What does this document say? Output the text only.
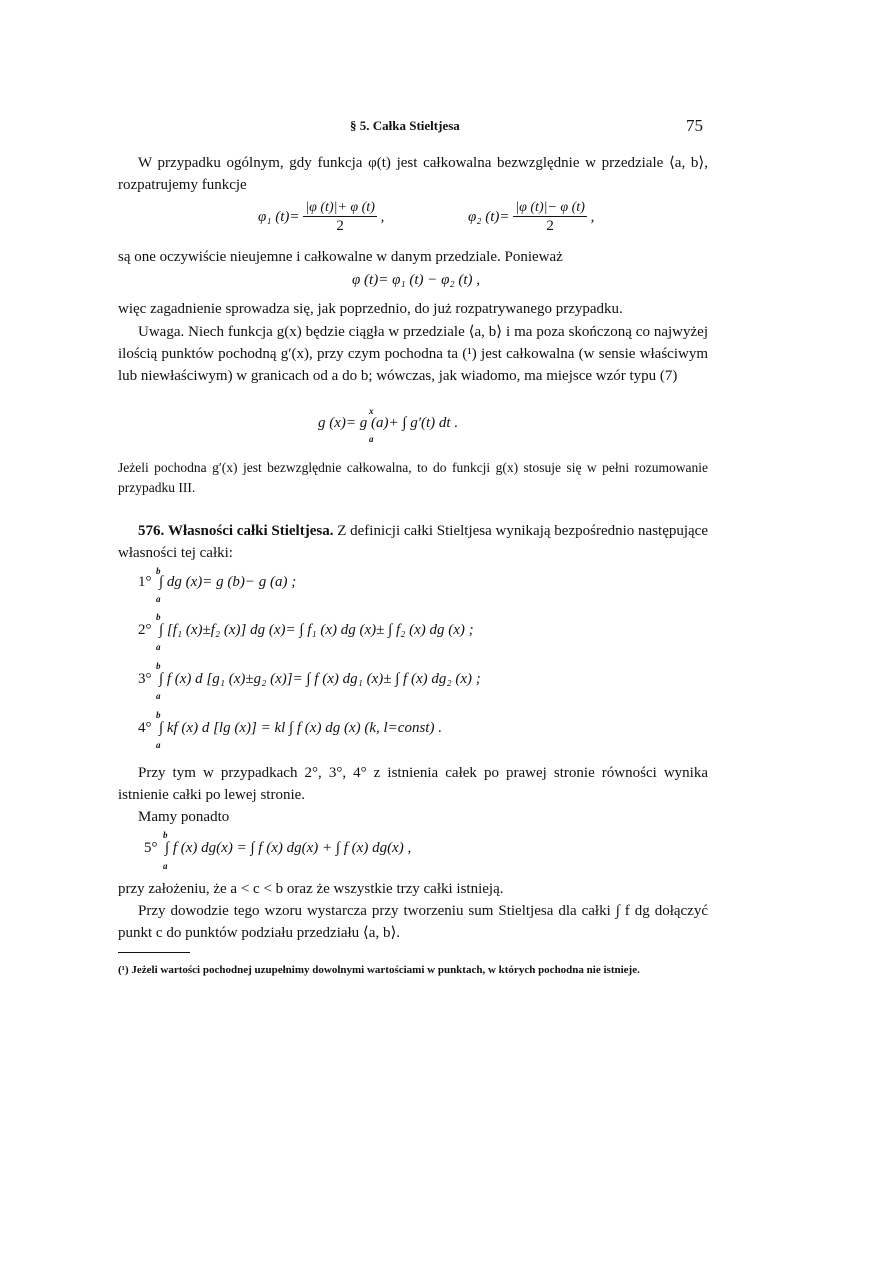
§ 5. Całka Stieltjesa	75
W przypadku ogólnym, gdy funkcja φ(t) jest całkowalna bezwzględnie w przedziale ⟨a, b⟩, rozpatrujemy funkcje
φ₁ $(t)= \frac{|\varphi (t)|+ \varphi (t)}{2}$ ,	φ₂ $(t)= \frac{|\varphi (t)|- \varphi (t)}{2}$ ,
są one oczywiście nieujemne i całkowalne w danym przedziale. Ponieważ
φ (t)= φ₁ (t) − φ₂ (t) ,
więc zagadnienie sprowadza się, jak poprzednio, do już rozpatrywanego przypadku.
Uwaga. Niech funkcja g(x) będzie ciągła w przedziale ⟨a, b⟩ i ma poza skończoną co najwyżej ilością punktów pochodną g′(x), przy czym pochodna ta (¹) jest całkowalna (w sensie właściwym lub niewłaściwym) w granicach od a do b; wówczas, jak wiadomo, ma miejsce wzór typu (7)
x
g (x)= g (a)+ ∫ g′(t) dt .
a
Jeżeli pochodna g′(x) jest bezwzględnie całkowalna, to do funkcji g(x) stosuje się w pełni rozumowanie przypadku III.
576. Własności całki Stieltjesa. Z definicji całki Stieltjesa wynikają bezpośrednio następujące własności tej całki:
b
1° ∫ dg (x)= g (b)− g (a) ;
a
b
2° ∫ [f₁ (x)±f₂ (x)] dg (x)= ∫ f₁ (x) dg (x)± ∫ f₂ (x) dg (x) ;
a
b
3° ∫ f (x) d [g₁ (x)±g₂ (x)]= ∫ f (x) dg₁ (x)± ∫ f (x) dg₂ (x) ;
a
b
4° ∫ kf (x) d [lg (x)] = kl ∫ f (x) dg (x) (k, l=const) .
a
Przy tym w przypadkach 2°, 3°, 4° z istnienia całek po prawej stronie równości wynika istnienie całki po lewej stronie.
Mamy ponadto
b
5° ∫ f (x) dg(x) = ∫ f (x) dg(x) + ∫ f (x) dg(x) ,
a
przy założeniu, że a < c < b oraz że wszystkie trzy całki istnieją.
Przy dowodzie tego wzoru wystarcza przy tworzeniu sum Stieltjesa dla całki ∫ f dg dołączyć punkt c do punktów podziału przedziału ⟨a, b⟩.
(¹) Jeżeli wartości pochodnej uzupełnimy dowolnymi wartościami w punktach, w których pochodna nie istnieje.
